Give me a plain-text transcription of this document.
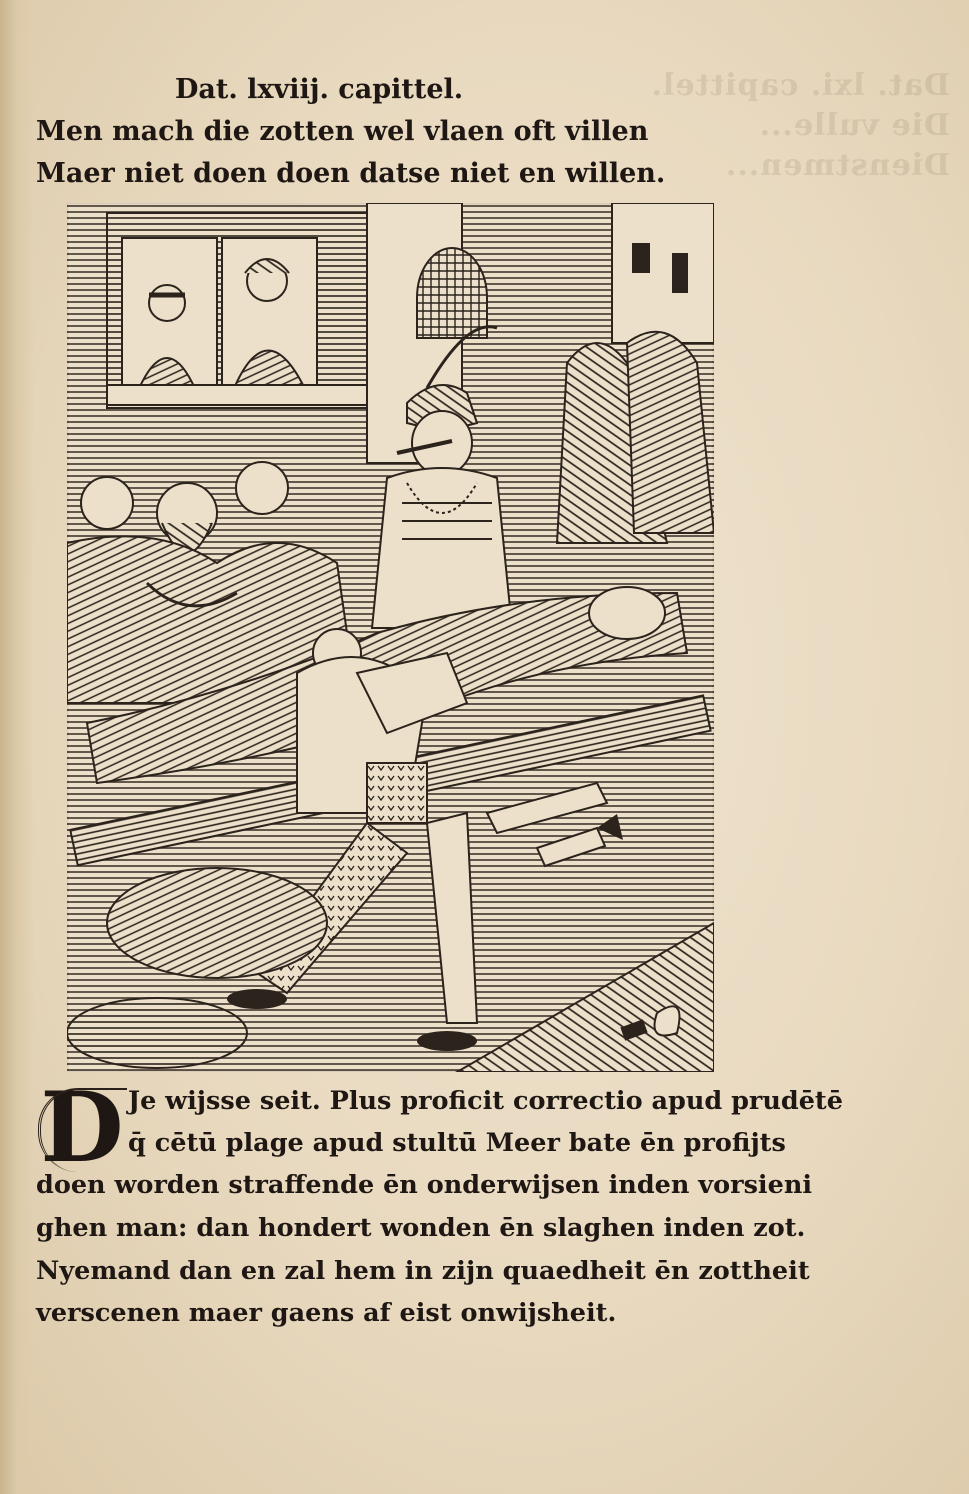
Dat. lxi. capittel. Die vulle... Dienstmen...
Dat. lxviij. capittel.
Men mach die zotten wel vlaen oft villen
Maer niet doen doen datse niet en willen.
D Je wijsse seit. Plus proficit correctio apud prudētē
q̄ cētū plage apud stultū Meer bate ēn profijts
doen worden straffende ēn onderwijsen inden vorsieni
ghen man: dan hondert wonden ēn slaghen inden zot.
Nyemand dan en zal hem in zijn quaedheit ēn zottheit
verscenen maer gaens af eist onwijsheit.
